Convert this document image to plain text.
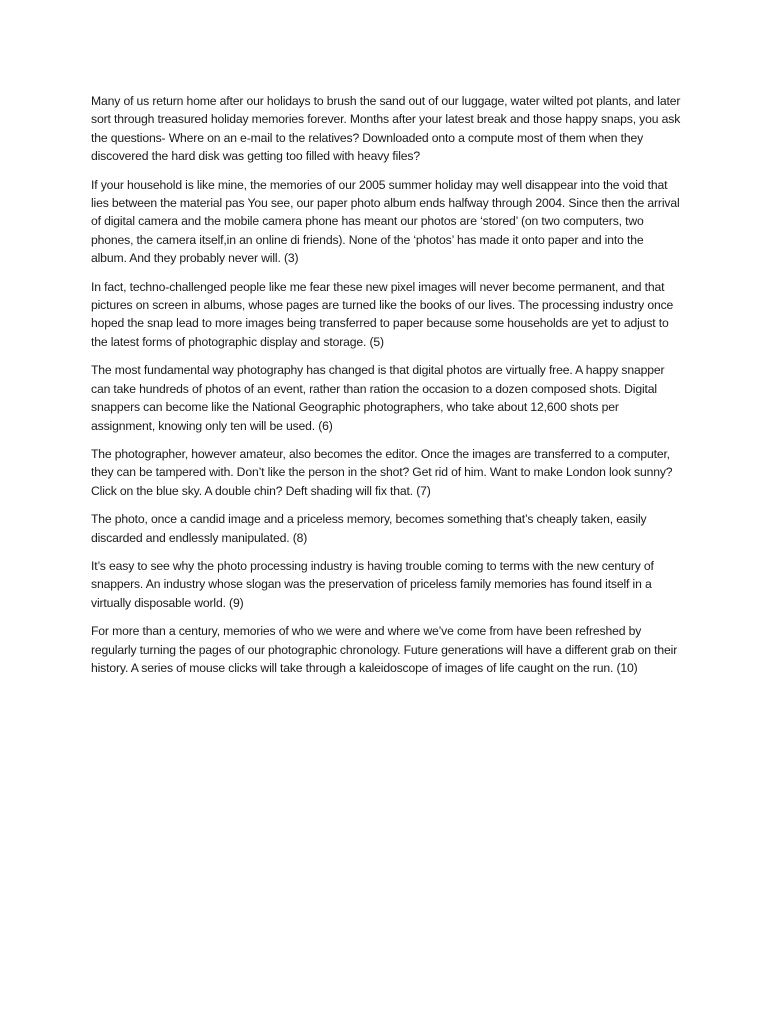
Many of us return home after our holidays to brush the sand out of our luggage, water wilted pot plants, and later sort through treasured holiday memories forever. Months after your latest break and those happy snaps, you ask the questions- Where on an e-mail to the relatives? Downloaded onto a compute most of them when they discovered the hard disk was getting too filled with heavy files?

If your household is like mine, the memories of our 2005 summer holiday may well disappear into the void that lies between the material pas You see, our paper photo album ends halfway through 2004. Since then the arrival of digital camera and the mobile camera phone has meant our photos are ‘stored’ (on two computers, two phones, the camera itself,in an online di friends). None of the ‘photos’ has made it onto paper and into the album. And they probably never will. (3)

In fact, techno-challenged people like me fear these new pixel images will never become permanent, and that pictures on screen in albums, whose pages are turned like the books of our lives. The processing industry once hoped the snap lead to more images being transferred to paper because some households are yet to adjust to the latest forms of photographic display and storage. (5)

The most fundamental way photography has changed is that digital photos are virtually free. A happy snapper can take hundreds of photos of an event, rather than ration the occasion to a dozen composed shots. Digital snappers can become like the National Geographic photographers, who take about 12,600 shots per assignment, knowing only ten will be used. (6)

The photographer, however amateur, also becomes the editor. Once the images are transferred to a computer, they can be tampered with. Don’t like the person in the shot? Get rid of him. Want to make London look sunny? Click on the blue sky. A double chin? Deft shading will fix that. (7)

The photo, once a candid image and a priceless memory, becomes something that’s cheaply taken, easily discarded and endlessly manipulated. (8)

It’s easy to see why the photo processing industry is having trouble coming to terms with the new century of snappers. An industry whose slogan was the preservation of priceless family memories has found itself in a virtually disposable world. (9)

For more than a century, memories of who we were and where we’ve come from have been refreshed by regularly turning the pages of our photographic chronology. Future generations will have a different grab on their history. A series of mouse clicks will take through a kaleidoscope of images of life caught on the run. (10)
